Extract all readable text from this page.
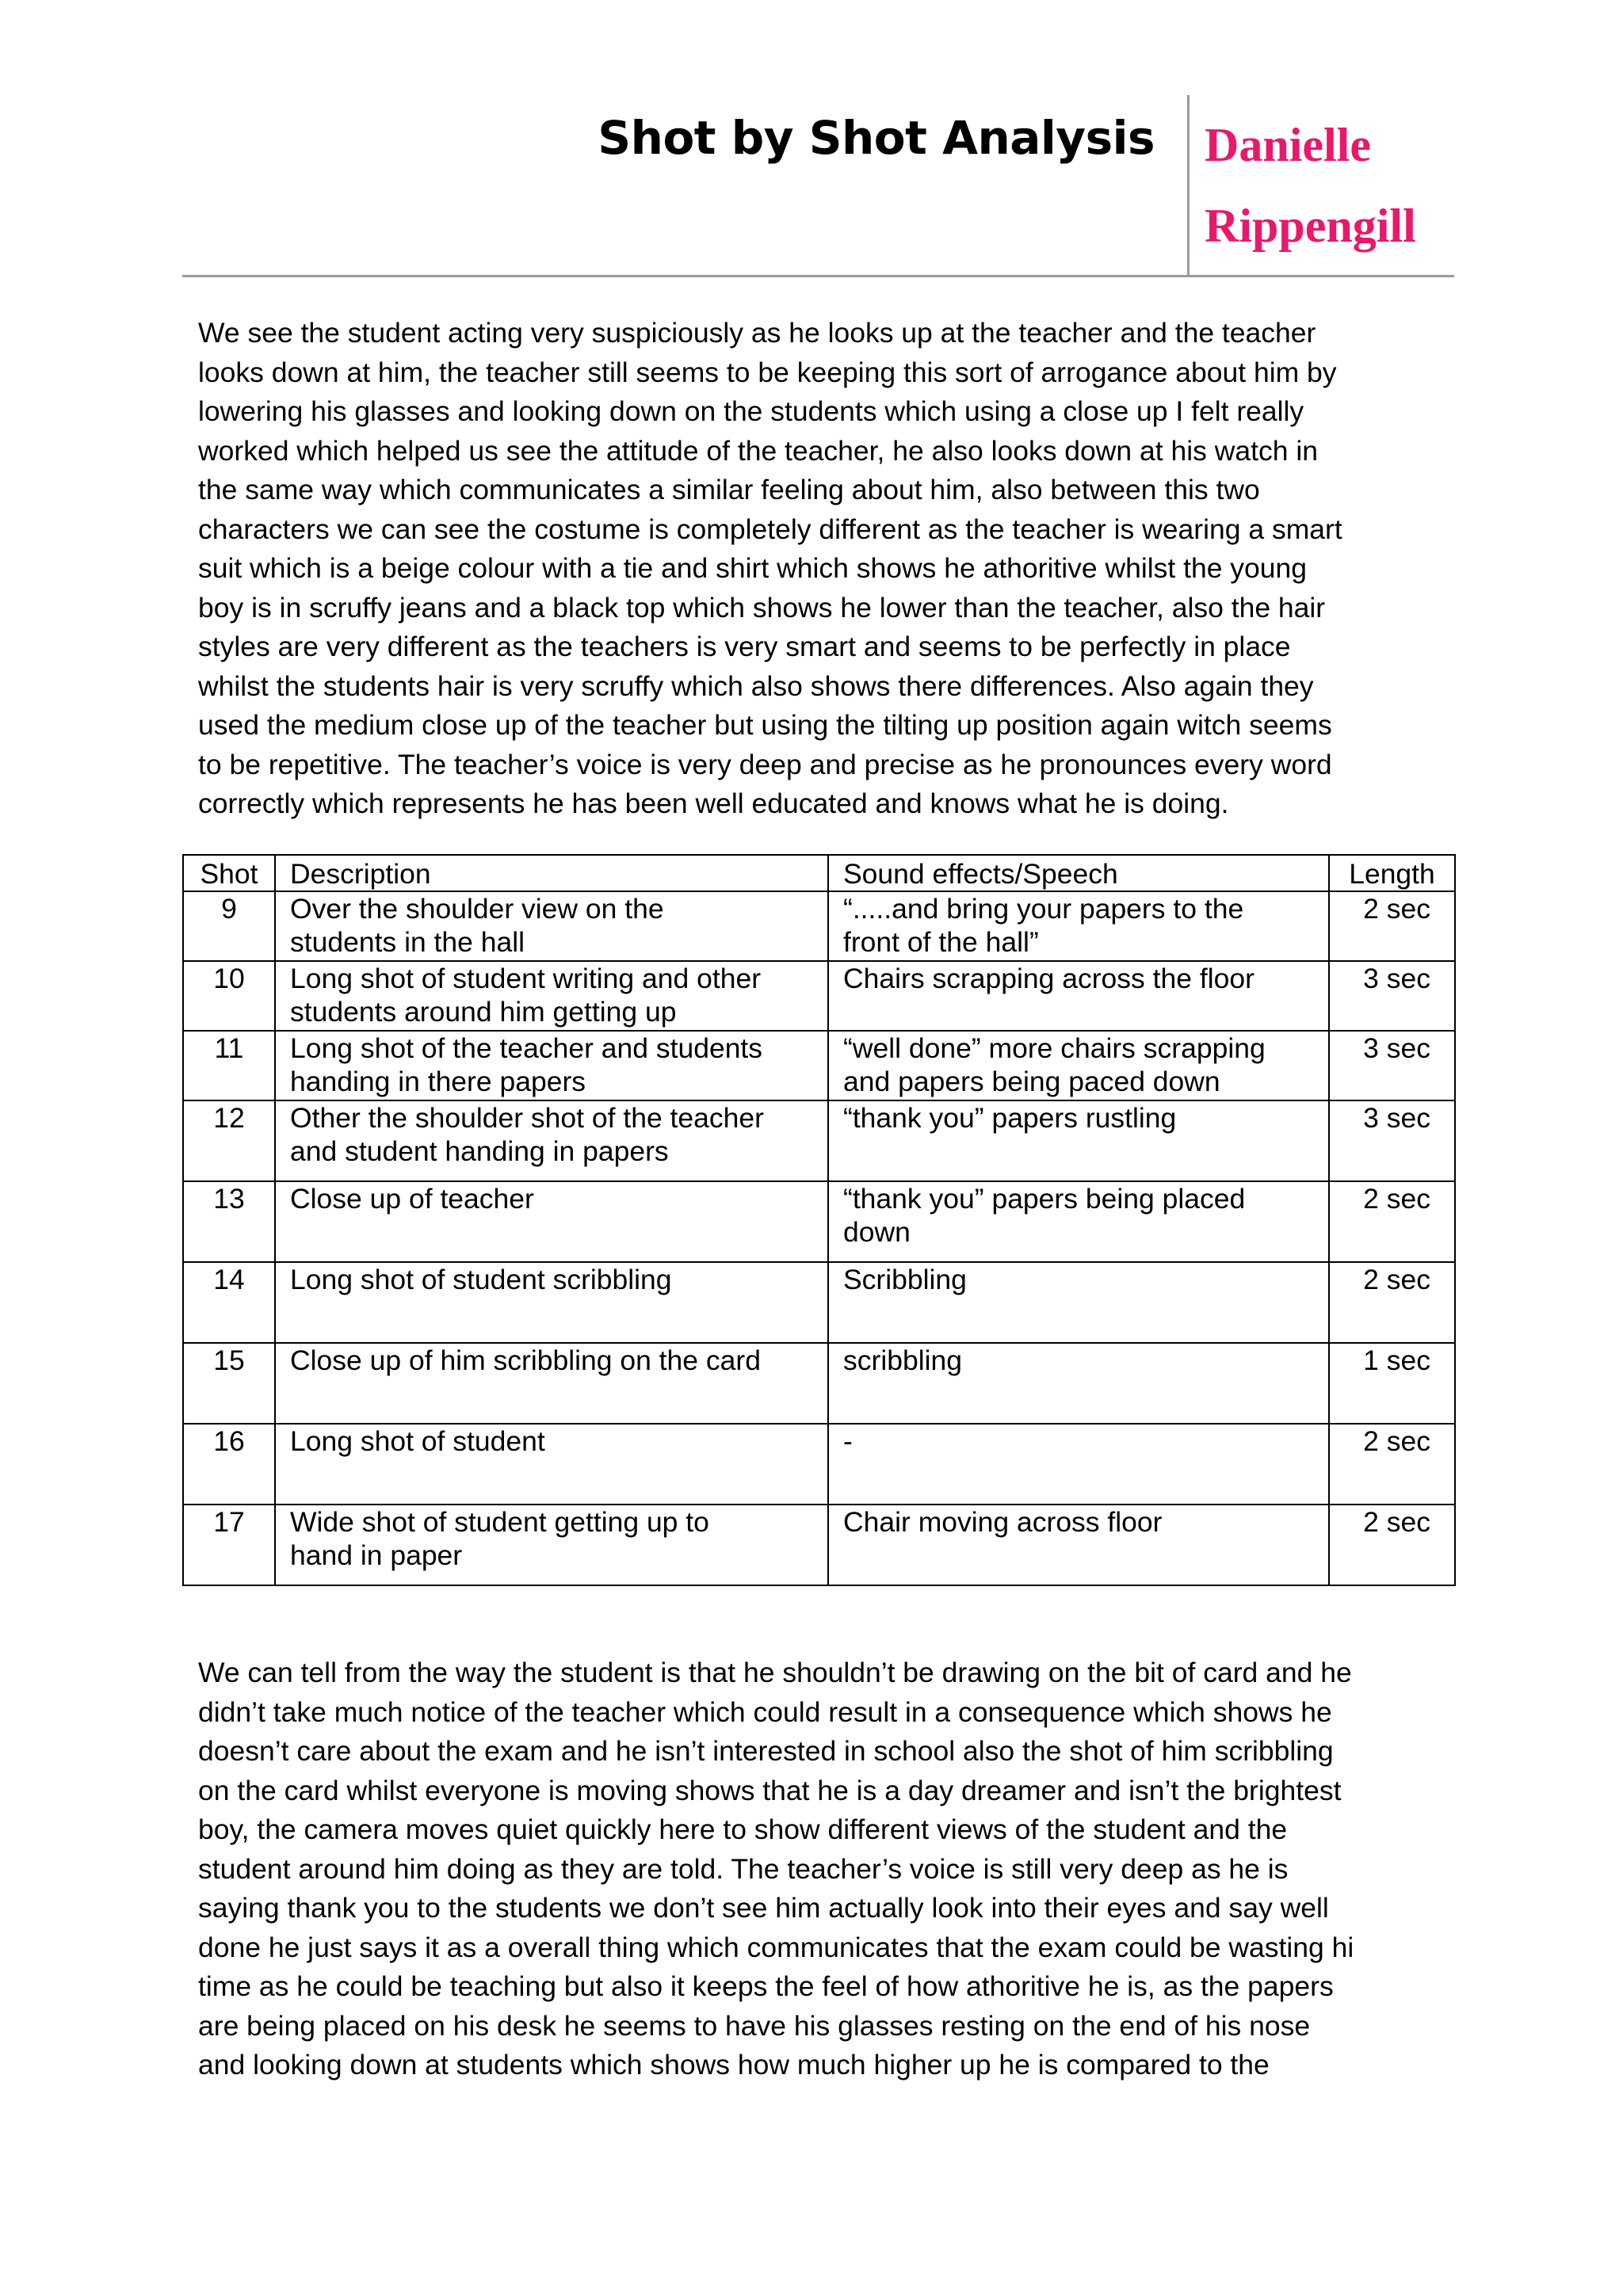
Shot by Shot Analysis Danielle
Rippengill

We see the student acting very suspiciously as he looks up at the teacher and the teacher
looks down at him, the teacher still seems to be keeping this sort of arrogance about him by
lowering his glasses and looking down on the students which using a close up I felt really
worked which helped us see the attitude of the teacher, he also looks down at his watch in
the same way which communicates a similar feeling about him, also between this two
characters we can see the costume is completely different as the teacher is wearing a smart
suit which is a beige colour with a tie and shirt which shows he athoritive whilst the young
boy is in scruffy jeans and a black top which shows he lower than the teacher, also the hair
styles are very different as the teachers is very smart and seems to be perfectly in place
whilst the students hair is very scruffy which also shows there differences. Also again they
used the medium close up of the teacher but using the tilting up position again witch seems
to be repetitive. The teacher’s voice is very deep and precise as he pronounces every word
correctly which represents he has been well educated and knows what he is doing.

Shot	Description	Sound effects/Speech	Length
9	Over the shoulder view on the
students in the hall	“.....and bring your papers to the
front of the hall”	2 sec
10	Long shot of student writing and other
students around him getting up	Chairs scrapping across the floor	3 sec
11	Long shot of the teacher and students
handing in there papers	“well done” more chairs scrapping
and papers being paced down	3 sec
12	Other the shoulder shot of the teacher
and student handing in papers	“thank you” papers rustling	3 sec
13	Close up of teacher	“thank you” papers being placed
down	2 sec
14	Long shot of student scribbling	Scribbling	2 sec
15	Close up of him scribbling on the card	scribbling	1 sec
16	Long shot of student	-	2 sec
17	Wide shot of student getting up to
hand in paper	Chair moving across floor	2 sec

We can tell from the way the student is that he shouldn’t be drawing on the bit of card and he
didn’t take much notice of the teacher which could result in a consequence which shows he
doesn’t care about the exam and he isn’t interested in school also the shot of him scribbling
on the card whilst everyone is moving shows that he is a day dreamer and isn’t the brightest
boy, the camera moves quiet quickly here to show different views of the student and the
student around him doing as they are told. The teacher’s voice is still very deep as he is
saying thank you to the students we don’t see him actually look into their eyes and say well
done he just says it as a overall thing which communicates that the exam could be wasting hi
time as he could be teaching but also it keeps the feel of how athoritive he is, as the papers
are being placed on his desk he seems to have his glasses resting on the end of his nose
and looking down at students which shows how much higher up he is compared to the
